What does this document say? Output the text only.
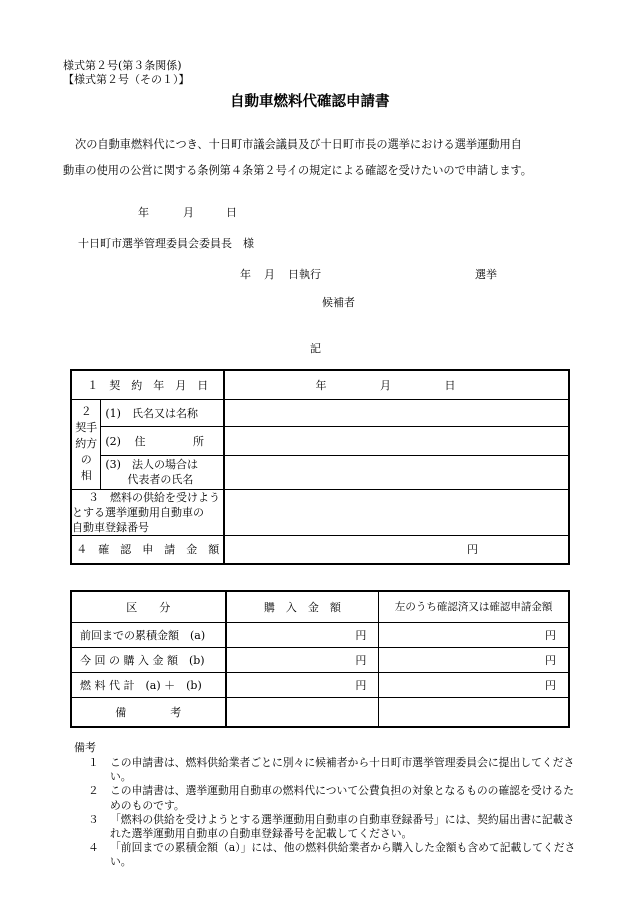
様式第２号(第３条関係)
【様式第２号（その１）】
自動車燃料代確認申請書
次の自動車燃料代につき、十日町市議会議員及び十日町市長の選挙における選挙運動用自
動車の使用の公営に関する条例第４条第２号イの規定による確認を受けたいので申請します。
年	月	日
十日町市選挙管理委員会委員長　様
年 月 日執行	選挙
候補者
記
１　契　約　年　月　日		年 月 日

２
契手
約方
の
相	(1)　氏名又は名称	
	(2) 住 所	

	(3)　法人の場合は
代表者の氏名	

３　燃料の供給を受けよう
とする選挙運動用自動車の
自動車登録番号		

４　確　認　申　請　金　額		円
区　　分	購　入　金　額	左のうち確認済又は確認申請金額
前回までの累積金額　(a)	円	円
今 回 の 購 入 金 額　(b)	円	円
燃 料 代 計　(a) ＋　(b)	円	円
備　　　　考		
備考
１ この申請書は、燃料供給業者ごとに別々に候補者から十日町市選挙管理委員会に提出してください。
２ この申請書は、選挙運動用自動車の燃料代について公費負担の対象となるものの確認を受けるためのものです。
３ 「燃料の供給を受けようとする選挙運動用自動車の自動車登録番号」には、契約届出書に記載された選挙運動用自動車の自動車登録番号を記載してください。
４ 「前回までの累積金額（a）」には、他の燃料供給業者から購入した金額も含めて記載してください。
